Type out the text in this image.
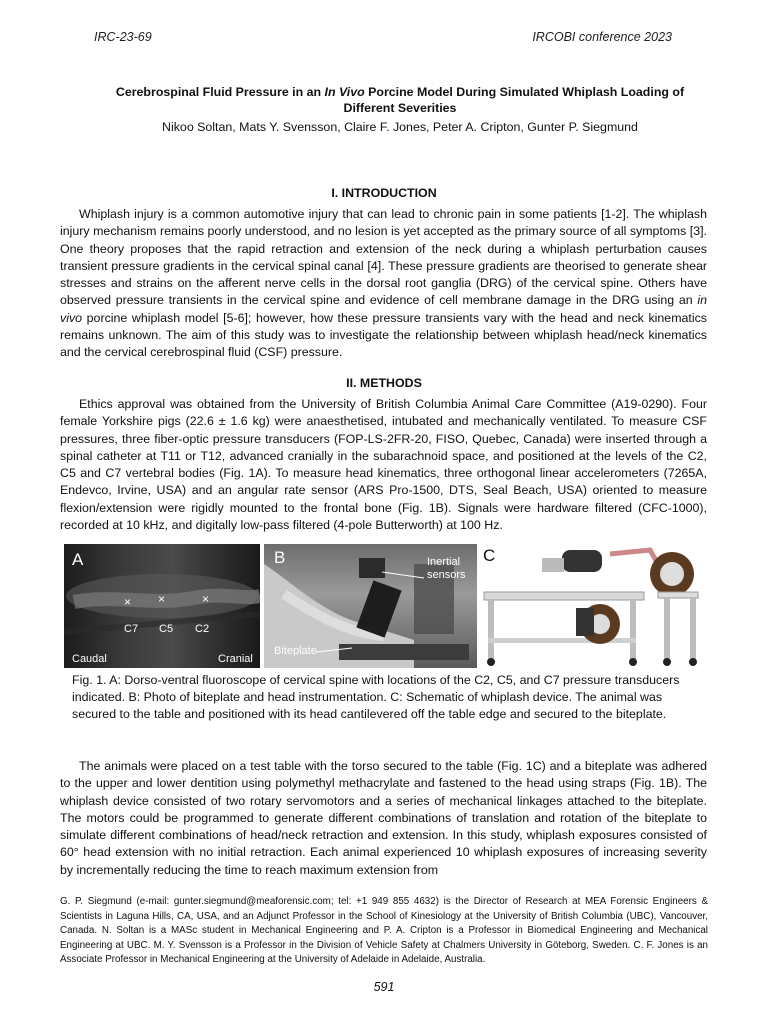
IRC-23-69	IRCOBI conference 2023
Cerebrospinal Fluid Pressure in an In Vivo Porcine Model During Simulated Whiplash Loading of Different Severities
Nikoo Soltan, Mats Y. Svensson, Claire F. Jones, Peter A. Cripton, Gunter P. Siegmund
I. INTRODUCTION

Whiplash injury is a common automotive injury that can lead to chronic pain in some patients [1-2]. The whiplash injury mechanism remains poorly understood, and no lesion is yet accepted as the primary source of all symptoms [3]. One theory proposes that the rapid retraction and extension of the neck during a whiplash perturbation causes transient pressure gradients in the cervical spinal canal [4]. These pressure gradients are theorised to generate shear stresses and strains on the afferent nerve cells in the dorsal root ganglia (DRG) of the cervical spine. Others have observed pressure transients in the cervical spine and evidence of cell membrane damage in the DRG using an in vivo porcine whiplash model [5-6]; however, how these pressure transients vary with the head and neck kinematics remains unknown. The aim of this study was to investigate the relationship between whiplash head/neck kinematics and the cervical cerebrospinal fluid (CSF) pressure.

II. METHODS

Ethics approval was obtained from the University of British Columbia Animal Care Committee (A19-0290). Four female Yorkshire pigs (22.6 ± 1.6 kg) were anaesthetised, intubated and mechanically ventilated. To measure CSF pressures, three fiber-optic pressure transducers (FOP-LS-2FR-20, FISO, Quebec, Canada) were inserted through a spinal catheter at T11 or T12, advanced cranially in the subarachnoid space, and positioned at the levels of the C2, C5 and C7 vertebral bodies (Fig. 1A). To measure head kinematics, three orthogonal linear accelerometers (7265A, Endevco, Irvine, USA) and an angular rate sensor (ARS Pro-1500, DTS, Seal Beach, USA) oriented to measure flexion/extension were rigidly mounted to the frontal bone (Fig. 1B). Signals were hardware filtered (CFC-1000), recorded at 10 kHz, and digitally low-pass filtered (4-pole Butterworth) at 100 Hz.

A
× ×	×
C7 C5 C2
Caudal	Cranial
B	Inertial
sensors
Biteplate
C

Fig. 1. A: Dorso-ventral fluoroscope of cervical spine with locations of the C2, C5, and C7 pressure transducers indicated. B: Photo of biteplate and head instrumentation. C: Schematic of whiplash device. The animal was secured to the table and positioned with its head cantilevered off the table edge and secured to the biteplate.

The animals were placed on a test table with the torso secured to the table (Fig. 1C) and a biteplate was adhered to the upper and lower dentition using polymethyl methacrylate and fastened to the head using straps (Fig. 1B). The whiplash device consisted of two rotary servomotors and a series of mechanical linkages attached to the biteplate. The motors could be programmed to generate different combinations of translation and rotation of the biteplate to simulate different combinations of head/neck retraction and extension. In this study, whiplash exposures consisted of 60° head extension with no initial retraction. Each animal experienced 10 whiplash exposures of increasing severity by incrementally reducing the time to reach maximum extension from

G. P. Siegmund (e-mail: gunter.siegmund@meaforensic.com; tel: +1 949 855 4632) is the Director of Research at MEA Forensic Engineers & Scientists in Laguna Hills, CA, USA, and an Adjunct Professor in the School of Kinesiology at the University of British Columbia (UBC), Vancouver, Canada. N. Soltan is a MASc student in Mechanical Engineering and P. A. Cripton is a Professor in Biomedical Engineering and Mechanical Engineering at UBC. M. Y. Svensson is a Professor in the Division of Vehicle Safety at Chalmers University in Göteborg, Sweden. C. F. Jones is an Associate Professor in Mechanical Engineering at the University of Adelaide in Adelaide, Australia.

591
